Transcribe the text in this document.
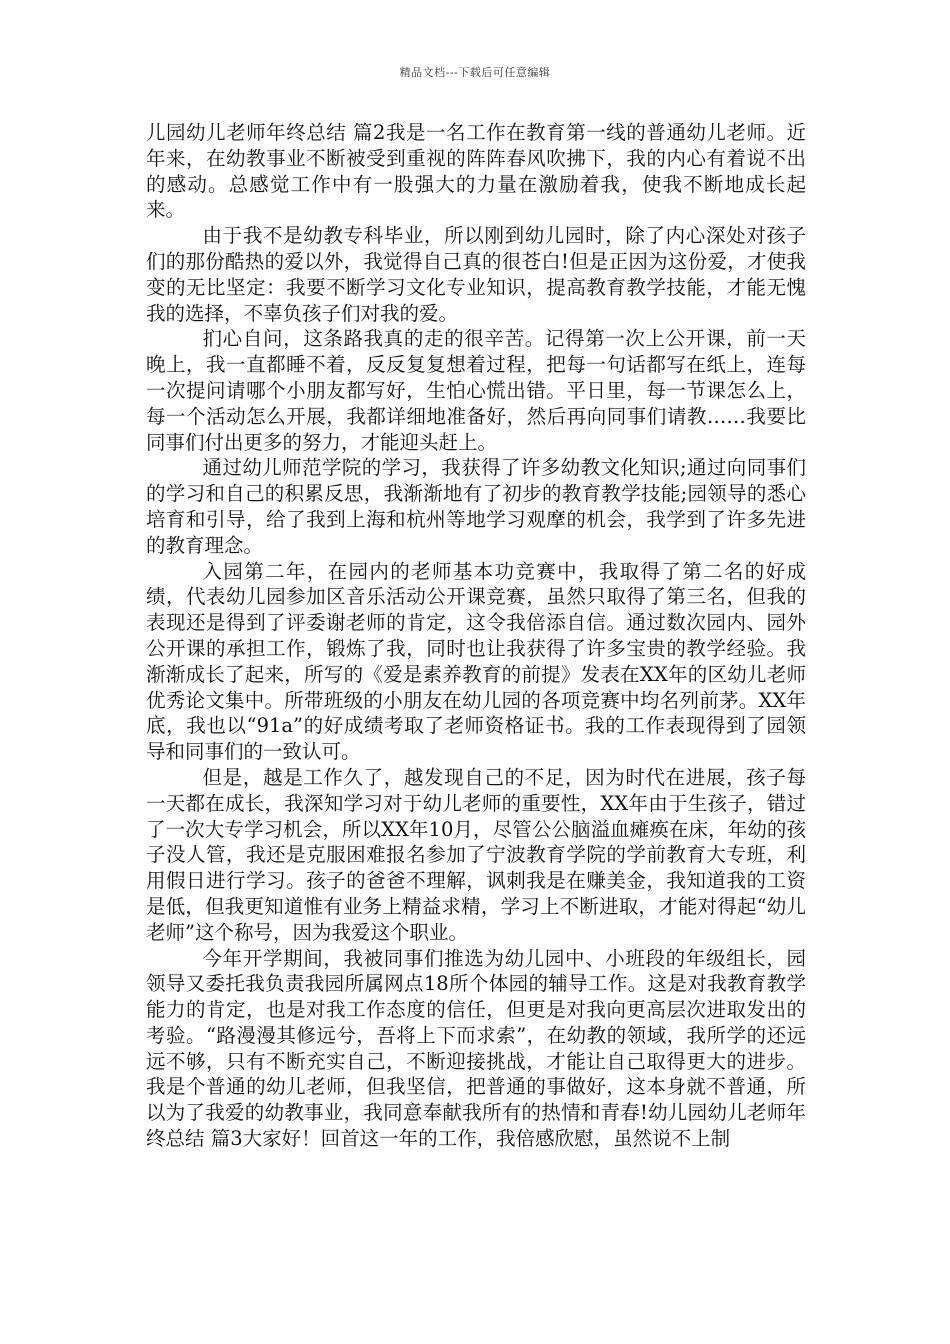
精品文档---下载后可任意编辑

儿园幼儿老师年终总结 篇2我是一名工作在教育第一线的普通幼儿老师。近年来，在幼教事业不断被受到重视的阵阵春风吹拂下，我的内心有着说不出的感动。总感觉工作中有一股强大的力量在激励着我，使我不断地成长起来。

由于我不是幼教专科毕业，所以刚到幼儿园时，除了内心深处对孩子们的那份酷热的爱以外，我觉得自己真的很苍白!但是正因为这份爱，才使我变的无比坚定：我要不断学习文化专业知识，提高教育教学技能，才能无愧我的选择，不辜负孩子们对我的爱。

扪心自问，这条路我真的走的很辛苦。记得第一次上公开课，前一天晚上，我一直都睡不着，反反复复想着过程，把每一句话都写在纸上，连每一次提问请哪个小朋友都写好，生怕心慌出错。平日里，每一节课怎么上，每一个活动怎么开展，我都详细地准备好，然后再向同事们请教……我要比同事们付出更多的努力，才能迎头赶上。

通过幼儿师范学院的学习，我获得了许多幼教文化知识;通过向同事们的学习和自己的积累反思，我渐渐地有了初步的教育教学技能;园领导的悉心培育和引导，给了我到上海和杭州等地学习观摩的机会，我学到了许多先进的教育理念。

入园第二年，在园内的老师基本功竞赛中，我取得了第二名的好成绩，代表幼儿园参加区音乐活动公开课竞赛，虽然只取得了第三名，但我的表现还是得到了评委谢老师的肯定，这令我倍添自信。通过数次园内、园外公开课的承担工作，锻炼了我，同时也让我获得了许多宝贵的教学经验。我渐渐成长了起来，所写的《爱是素养教育的前提》发表在XX年的区幼儿老师优秀论文集中。所带班级的小朋友在幼儿园的各项竞赛中均名列前茅。XX年底，我也以“91a”的好成绩考取了老师资格证书。我的工作表现得到了园领导和同事们的一致认可。

但是，越是工作久了，越发现自己的不足，因为时代在进展，孩子每一天都在成长，我深知学习对于幼儿老师的重要性，XX年由于生孩子，错过了一次大专学习机会，所以XX年10月，尽管公公脑溢血瘫痪在床，年幼的孩子没人管，我还是克服困难报名参加了宁波教育学院的学前教育大专班，利用假日进行学习。孩子的爸爸不理解，讽刺我是在赚美金，我知道我的工资是低，但我更知道惟有业务上精益求精，学习上不断进取，才能对得起“幼儿老师”这个称号，因为我爱这个职业。

今年开学期间，我被同事们推选为幼儿园中、小班段的年级组长，园领导又委托我负责我园所属网点18所个体园的辅导工作。这是对我教育教学能力的肯定，也是对我工作态度的信任，但更是对我向更高层次进取发出的考验。“路漫漫其修远兮，吾将上下而求索”，在幼教的领域，我所学的还远远不够，只有不断充实自己，不断迎接挑战，才能让自己取得更大的进步。我是个普通的幼儿老师，但我坚信，把普通的事做好，这本身就不普通，所以为了我爱的幼教事业，我同意奉献我所有的热情和青春!幼儿园幼儿老师年终总结 篇3大家好！回首这一年的工作，我倍感欣慰，虽然说不上制
